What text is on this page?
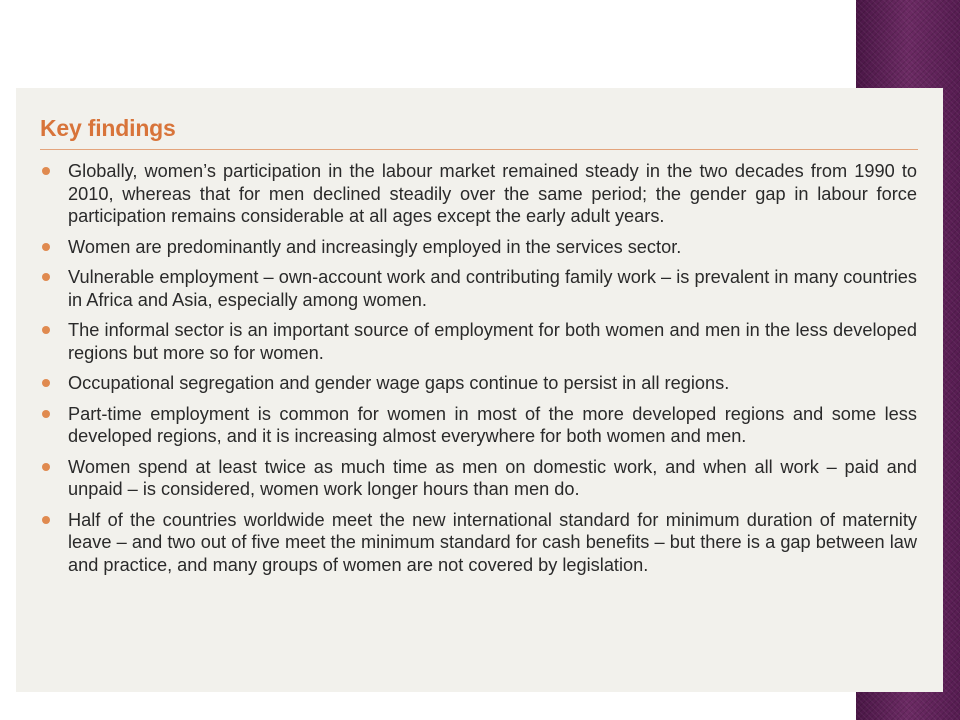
Key findings
Globally, women’s participation in the labour market remained steady in the two decades from 1990 to 2010, whereas that for men declined steadily over the same period; the gender gap in labour force participation remains considerable at all ages except the early adult years.
Women are predominantly and increasingly employed in the services sector.
Vulnerable employment – own-account work and contributing family work – is prevalent in many countries in Africa and Asia, especially among women.
The informal sector is an important source of employment for both women and men in the less developed regions but more so for women.
Occupational segregation and gender wage gaps continue to persist in all regions.
Part-time employment is common for women in most of the more developed regions and some less developed regions, and it is increasing almost everywhere for both women and men.
Women spend at least twice as much time as men on domestic work, and when all work – paid and unpaid – is considered, women work longer hours than men do.
Half of the countries worldwide meet the new international standard for minimum duration of maternity leave – and two out of five meet the minimum standard for cash benefits – but there is a gap between law and practice, and many groups of women are not covered by legislation.
